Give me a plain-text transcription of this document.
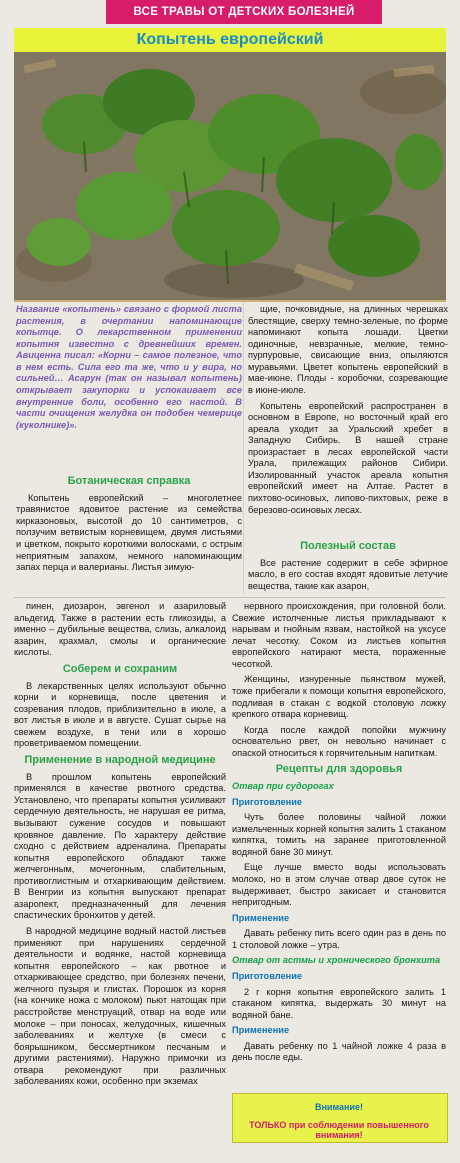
ВСЕ ТРАВЫ ОТ ДЕТСКИХ БОЛЕЗНЕЙ
Копытень европейский

Название «копытень» связано с формой листа растения, в очертании напоминающие копытце. О лекарственном применении копытня известно с древнейших времен. Авиценна писал: «Корни – самое полезное, что в нем есть. Сила его та же, что и у вира, но сильней… Асарун (так он называл копытень) открывает закупорки и успокаивает все внутренние боли, особенно его настой. В части очищения желудка он подобен чемерице (куколнике)».

щие, почковидные, на длинных черешках блестящие, сверху темно-зеленые, по форме напоминают копыта лошади. Цветки одиночные, невзрачные, мелкие, темно-пурпуровые, свисающие вниз, опыляются муравьями. Цветет копытень европейский в мае-июне. Плоды - коробочки, созревающие в июне-июле.

Копытень европейский распространен в основном в Европе, но восточный край его ареала уходит за Уральский хребет в Западную Сибирь. В нашей стране произрастает в лесах европейской части Урала, прилежащих районов Сибири. Изолированный участок ареала копытня европейский имеет на Алтае. Растет в пихтово-осиновых, липово-пихтовых, реже в березово-осиновых лесах.

Ботаническая справка

Копытень европейский – многолетнее травянистое ядовитое растение из семейства кирказоновых, высотой до 10 сантиметров, с ползучим ветвистым корневищем, двумя листьями и цветком, покрыто короткими волосками, с острым неприятным запахом, немного напоминающим запах перца и валерианы. Листья зимую-

Полезный состав

Все растение содержит в себе эфирное масло, в его состав входят ядовитые летучие вещества, такие как азарон,

пинен, диозарон, эвгенол и азариловый альдегид. Также в растении есть гликозиды, а именно – дубильные вещества, слизь, алкалоид азарин, крахмал, смолы и органические кислоты.

Соберем и сохраним

В лекарственных целях используют обычно корни и корневища, после цветения и созревания плодов, приблизительно в июле, а вот листья в июле и в августе. Сушат сырье на свежем воздухе, в тени или в хорошо проветриваемом помещении.

Применение в народной медицине

В прошлом копытень европейский применялся в качестве рвотного средства. Установлено, что препараты копытня усиливают сердечную деятельность, не нарушая ее ритма, вызывают сужение сосудов и повышают кровяное давление. По характеру действие сходно с действием адреналина. Препараты копытня европейского обладают также желчегонным, мочегонным, слабительным, противоглистным и отхаркивающим действием. В Венгрии из копытня выпускают препарат азаропект, предназначенный для лечения спастических бронхитов у детей.

В народной медицине водный настой листьев применяют при нарушениях сердечной деятельности и водянке, настой корневища копытня европейского – как рвотное и отхаркивающее средство, при болезнях печени, желчного пузыря и глистах. Порошок из корня (на кончике ножа с молоком) пьют натощак при расстройстве менструаций, отвар на воде или молоке – при поносах, желудочных, кишечных заболеваниях и желтухе (в смеси с боярышником, бессмертником песчаным и другими растениями). Наружно примочки из отвара рекомендуют при различных заболеваниях кожи, особенно при экземах

нервного происхождения, при головной боли. Свежие истолченные листья прикладывают к нарывам и гнойным язвам, настойкой на уксусе лечат чесотку. Соком из листьев копытня европейского натирают места, пораженные чесоткой.

Женщины, изнуренные пьянством мужей, тоже прибегали к помощи копытня европейского, подливая в стакан с водкой столовую ложку крепкого отвара корневищ.

Когда после каждой попойки мужчину основательно рвет, он невольно начинает с опаской относиться к горячительным напиткам.

Рецепты для здоровья

Отвар при судорогах

Приготовление

Чуть более половины чайной ложки измельченных корней копытня залить 1 стаканом кипятка, томить на заранее приготовленной водяной бане 30 минут.

Еще лучше вместо воды использовать молоко, но в этом случае отвар двое суток не выдерживает, быстро закисает и становится непригодным.

Применение

Давать ребенку пить всего один раз в день по 1 столовой ложке – утра.

Отвар от астмы и хронического бронхита

Приготовление

2 г корня копытня европейского залить 1 стаканом кипятка, выдержать 30 минут на водяной бане.

Применение

Давать ребенку по 1 чайной ложке 4 раза в день после еды.

Внимание!
ТОЛЬКО при соблюдении повышенного внимания!
